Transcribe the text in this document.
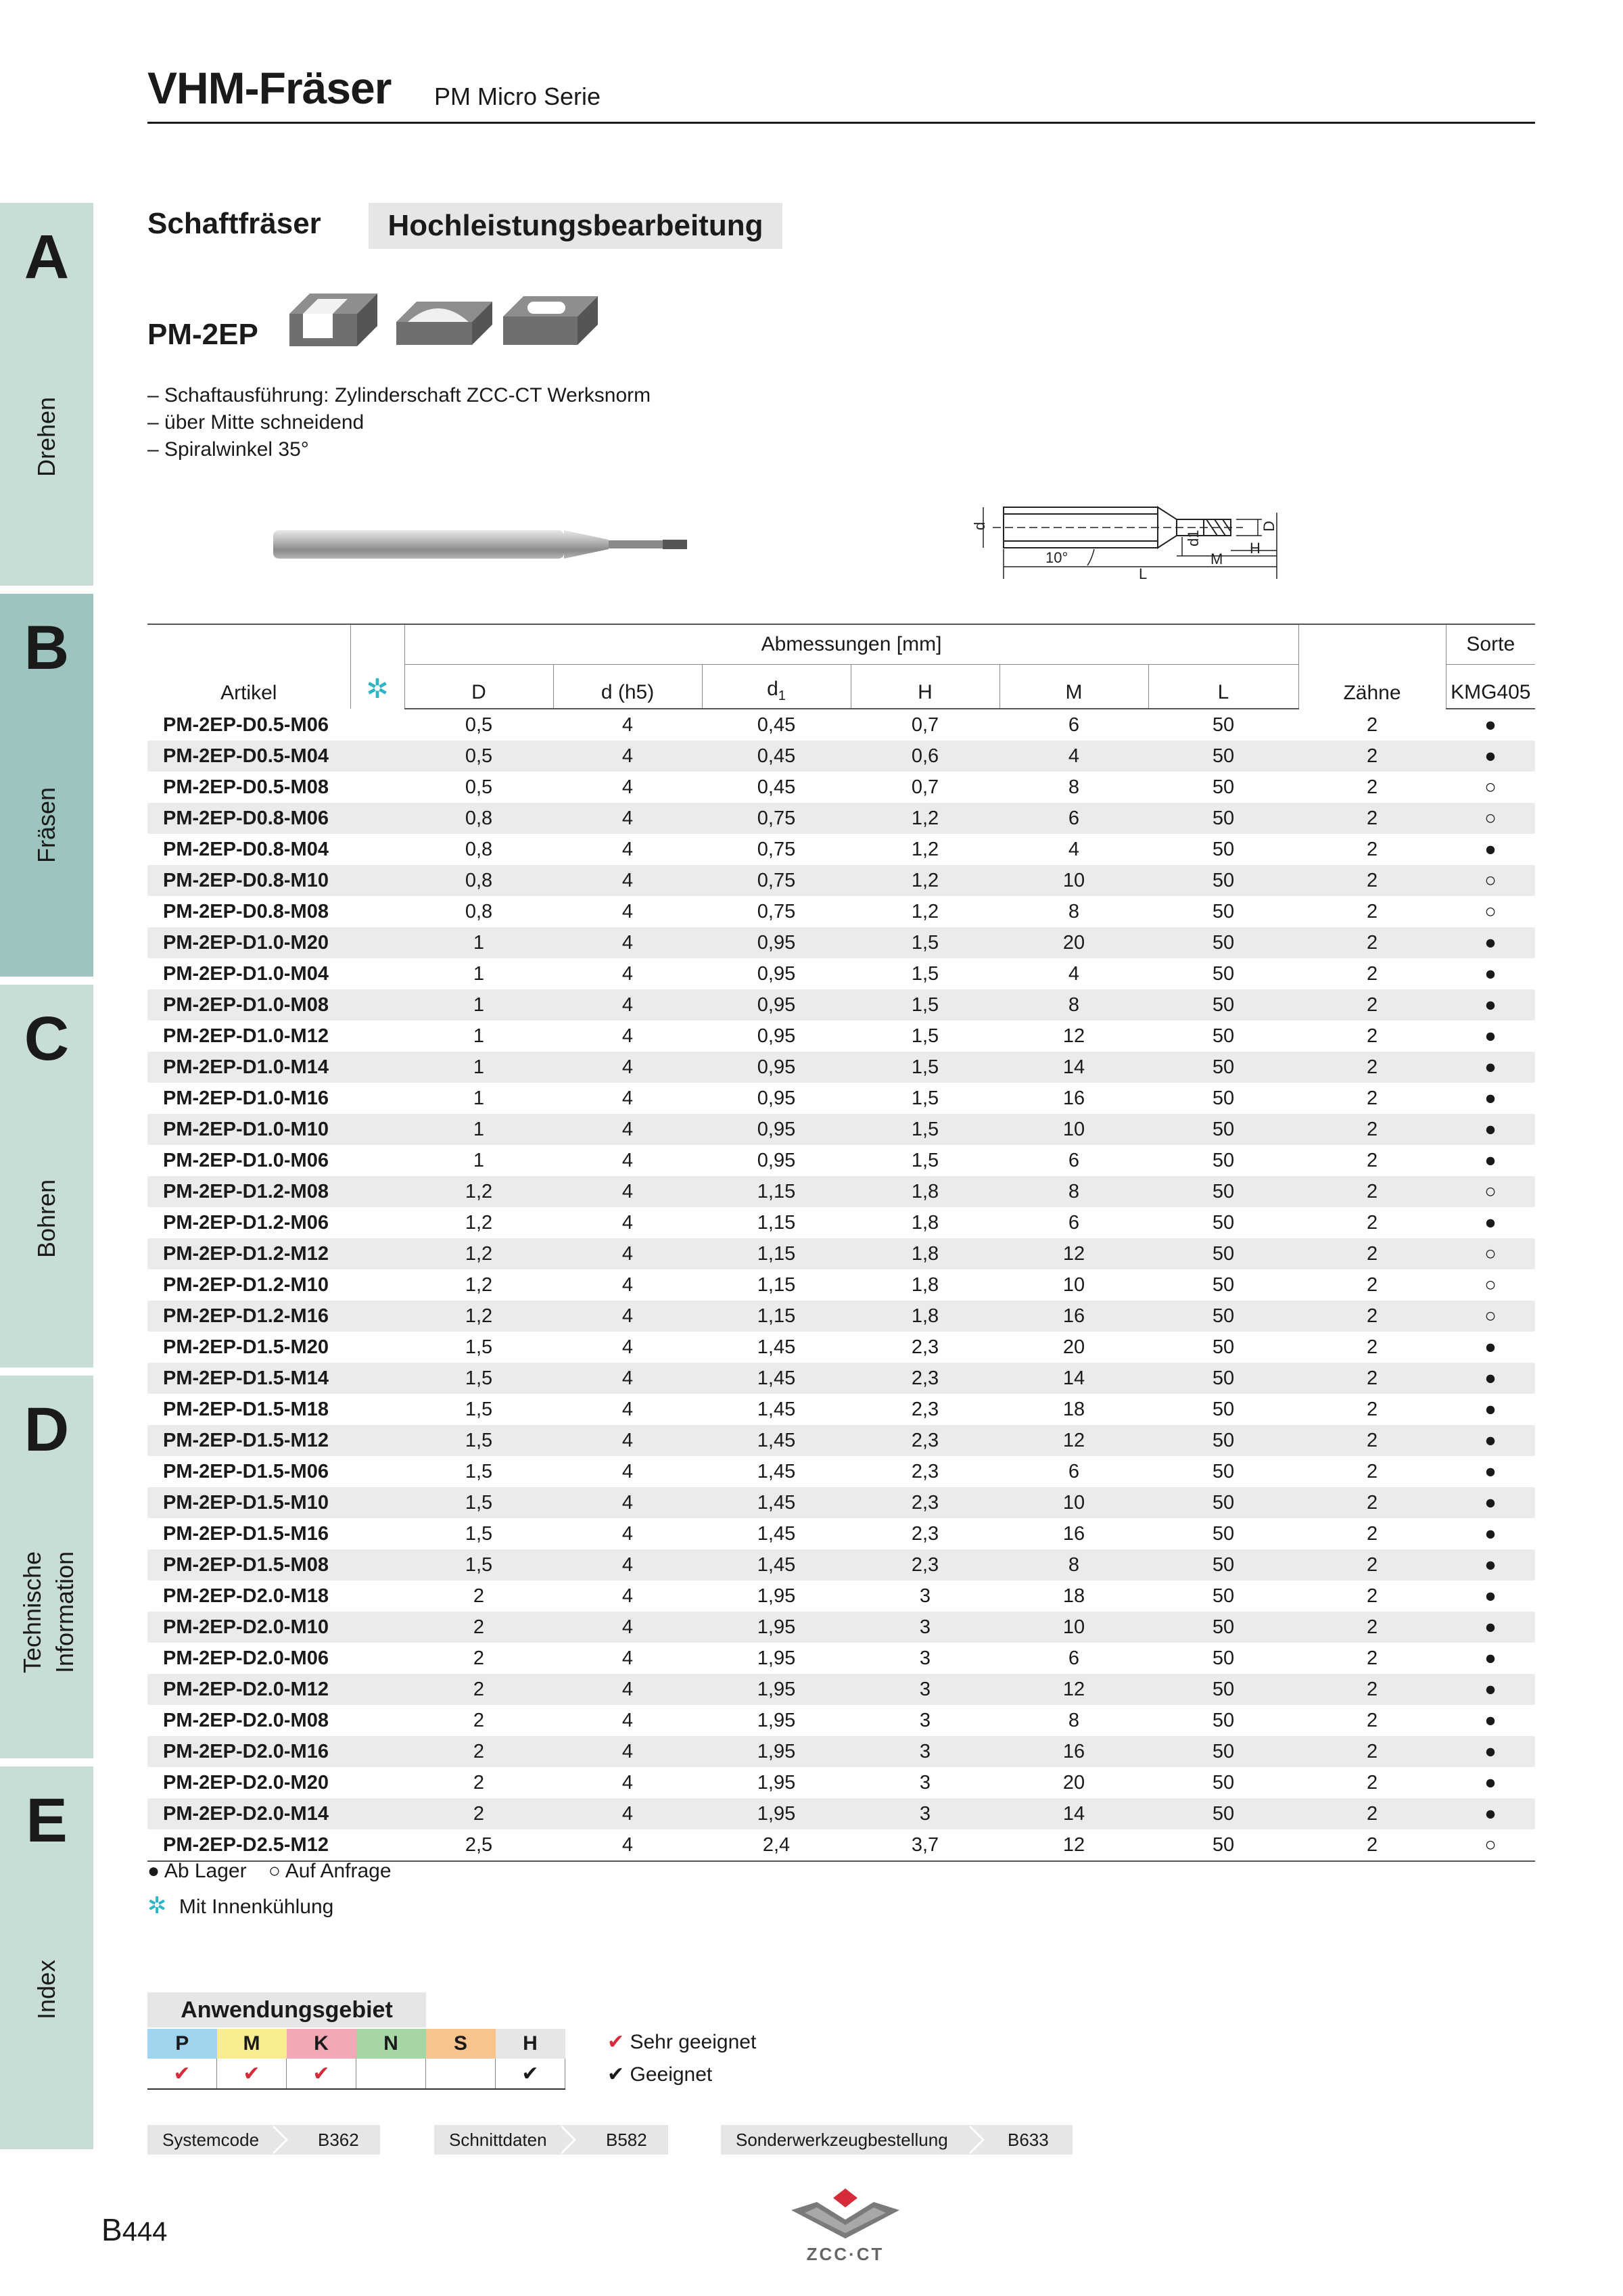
VHM-Fräser PM Micro Serie
A
Drehen
B
Fräsen
C
Bohren
D
Technische Information
E
Index
Schaftfräser	Hochleistungsbearbeitung
PM-2EP
– Schaftausführung: Zylinderschaft ZCC-CT Werksnorm
– über Mitte schneidend
– Spiralwinkel 35°
d	D
d1
10°
L
M
H
Artikel	✲	Abmessungen [mm]						Zähne	Sorte
		D	d (h5)	$d_1$	H	M	L		KMG405
PM-2EP-D0.5-M06		0,5	4	0,45	0,7	6	50	2	●
PM-2EP-D0.5-M04		0,5	4	0,45	0,6	4	50	2	●
PM-2EP-D0.5-M08		0,5	4	0,45	0,7	8	50	2	○
PM-2EP-D0.8-M06		0,8	4	0,75	1,2	6	50	2	○
PM-2EP-D0.8-M04		0,8	4	0,75	1,2	4	50	2	●
PM-2EP-D0.8-M10		0,8	4	0,75	1,2	10	50	2	○
PM-2EP-D0.8-M08		0,8	4	0,75	1,2	8	50	2	○
PM-2EP-D1.0-M20		1	4	0,95	1,5	20	50	2	●
PM-2EP-D1.0-M04		1	4	0,95	1,5	4	50	2	●
PM-2EP-D1.0-M08		1	4	0,95	1,5	8	50	2	●
PM-2EP-D1.0-M12		1	4	0,95	1,5	12	50	2	●
PM-2EP-D1.0-M14		1	4	0,95	1,5	14	50	2	●
PM-2EP-D1.0-M16		1	4	0,95	1,5	16	50	2	●
PM-2EP-D1.0-M10		1	4	0,95	1,5	10	50	2	●
PM-2EP-D1.0-M06		1	4	0,95	1,5	6	50	2	●
PM-2EP-D1.2-M08		1,2	4	1,15	1,8	8	50	2	○
PM-2EP-D1.2-M06		1,2	4	1,15	1,8	6	50	2	●
PM-2EP-D1.2-M12		1,2	4	1,15	1,8	12	50	2	○
PM-2EP-D1.2-M10		1,2	4	1,15	1,8	10	50	2	○
PM-2EP-D1.2-M16		1,2	4	1,15	1,8	16	50	2	○
PM-2EP-D1.5-M20		1,5	4	1,45	2,3	20	50	2	●
PM-2EP-D1.5-M14		1,5	4	1,45	2,3	14	50	2	●
PM-2EP-D1.5-M18		1,5	4	1,45	2,3	18	50	2	●
PM-2EP-D1.5-M12		1,5	4	1,45	2,3	12	50	2	●
PM-2EP-D1.5-M06		1,5	4	1,45	2,3	6	50	2	●
PM-2EP-D1.5-M10		1,5	4	1,45	2,3	10	50	2	●
PM-2EP-D1.5-M16		1,5	4	1,45	2,3	16	50	2	●
PM-2EP-D1.5-M08		1,5	4	1,45	2,3	8	50	2	●
PM-2EP-D2.0-M18		2	4	1,95	3	18	50	2	●
PM-2EP-D2.0-M10		2	4	1,95	3	10	50	2	●
PM-2EP-D2.0-M06		2	4	1,95	3	6	50	2	●
PM-2EP-D2.0-M12		2	4	1,95	3	12	50	2	●
PM-2EP-D2.0-M08		2	4	1,95	3	8	50	2	●
PM-2EP-D2.0-M16		2	4	1,95	3	16	50	2	●
PM-2EP-D2.0-M20		2	4	1,95	3	20	50	2	●
PM-2EP-D2.0-M14		2	4	1,95	3	14	50	2	●
PM-2EP-D2.5-M12		2,5	4	2,4	3,7	12	50	2	○
● Ab Lager ○ Auf Anfrage
✲ Mit Innenkühlung
Anwendungsgebiet
P	M	K	N	S	H
✔	✔	✔			✔
✔ Sehr geeignet
✔ Geeignet
Systemcode	B362	Schnittdaten	B582	Sonderwerkzeugbestellung	B633
B444
ZCC·CT
